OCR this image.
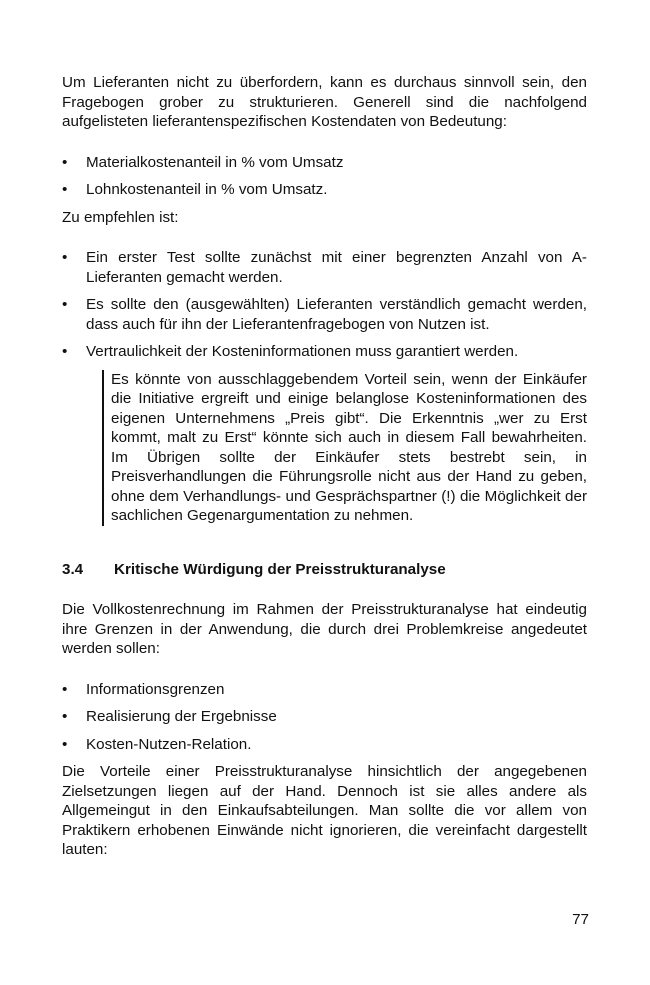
Um Lieferanten nicht zu überfordern, kann es durchaus sinnvoll sein, den Fragebogen grober zu strukturieren. Generell sind die nachfolgend aufgelisteten lieferantenspezifischen Kostendaten von Bedeutung:

•	Materialkostenanteil in % vom Umsatz
•	Lohnkostenanteil in % vom Umsatz.

Zu empfehlen ist:

•	Ein erster Test sollte zunächst mit einer begrenzten Anzahl von A-Lieferanten gemacht werden.
•	Es sollte den (ausgewählten) Lieferanten verständlich gemacht werden, dass auch für ihn der Lieferantenfragebogen von Nutzen ist.
•	Vertraulichkeit der Kosteninformationen muss garantiert werden.

Es könnte von ausschlaggebendem Vorteil sein, wenn der Einkäufer die Initiative ergreift und einige belanglose Kosteninformationen des eigenen Unternehmens „Preis gibt“. Die Erkenntnis „wer zu Erst kommt, malt zu Erst“ könnte sich auch in diesem Fall bewahrheiten. Im Übrigen sollte der Einkäufer stets bestrebt sein, in Preisverhandlungen die Führungsrolle nicht aus der Hand zu geben, ohne dem Verhandlungs- und Gesprächspartner (!) die Möglichkeit der sachlichen Gegenargumentation zu nehmen.

3.4	Kritische Würdigung der Preisstrukturanalyse

Die Vollkostenrechnung im Rahmen der Preisstrukturanalyse hat eindeutig ihre Grenzen in der Anwendung, die durch drei Problemkreise angedeutet werden sollen:

•	Informationsgrenzen
•	Realisierung der Ergebnisse
•	Kosten-Nutzen-Relation.

Die Vorteile einer Preisstrukturanalyse hinsichtlich der angegebenen Zielsetzungen liegen auf der Hand. Dennoch ist sie alles andere als Allgemeingut in den Einkaufsabteilungen. Man sollte die vor allem von Praktikern erhobenen Einwände nicht ignorieren, die vereinfacht dargestellt lauten:

77
